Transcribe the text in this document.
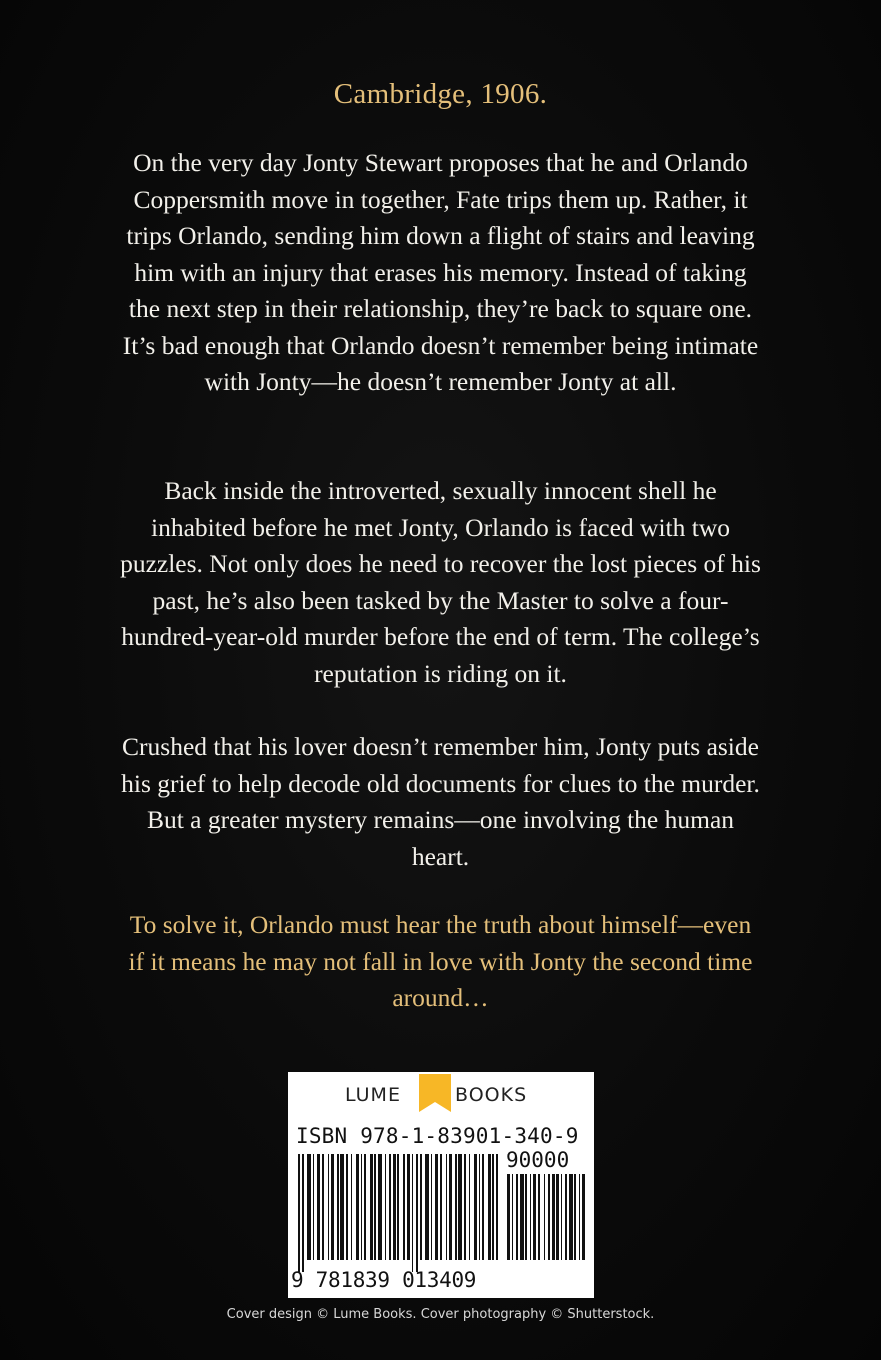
Cambridge, 1906.

On the very day Jonty Stewart proposes that he and Orlando Coppersmith move in together, Fate trips them up. Rather, it trips Orlando, sending him down a flight of stairs and leaving him with an injury that erases his memory. Instead of taking the next step in their relationship, they’re back to square one. It’s bad enough that Orlando doesn’t remember being intimate with Jonty—he doesn’t remember Jonty at all.

Back inside the introverted, sexually innocent shell he inhabited before he met Jonty, Orlando is faced with two puzzles. Not only does he need to recover the lost pieces of his past, he’s also been tasked by the Master to solve a four-hundred-year-old murder before the end of term. The college’s reputation is riding on it.

Crushed that his lover doesn’t remember him, Jonty puts aside his grief to help decode old documents for clues to the murder. But a greater mystery remains—one involving the human heart.

To solve it, Orlando must hear the truth about himself—even if it means he may not fall in love with Jonty the second time around…

LUME	BOOKS
ISBN 978-1-83901-340-9
90000
9 781839 013409
Cover design © Lume Books. Cover photography © Shutterstock.
